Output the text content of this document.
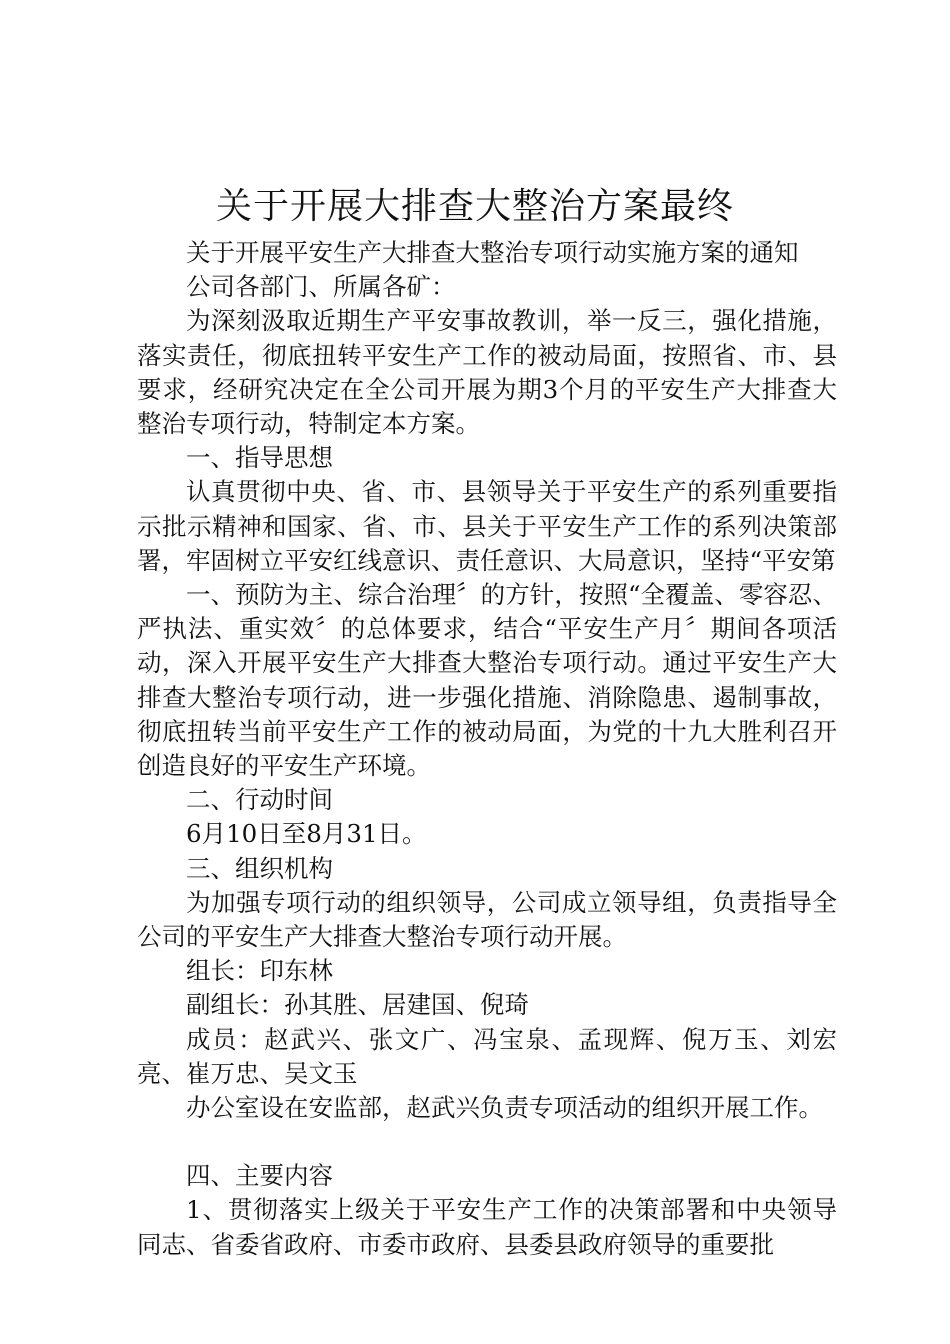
关于开展大排查大整治方案最终

关于开展平安生产大排查大整治专项行动实施方案的通知

公司各部门、所属各矿：

为深刻汲取近期生产平安事故教训，举一反三，强化措施，落实责任，彻底扭转平安生产工作的被动局面，按照省、市、县要求，经研究决定在全公司开展为期3个月的平安生产大排查大整治专项行动，特制定本方案。

一、指导思想

认真贯彻中央、省、市、县领导关于平安生产的系列重要指示批示精神和国家、省、市、县关于平安生产工作的系列决策部署，牢固树立平安红线意识、责任意识、大局意识，坚持“平安第

一、预防为主、综合治理〞的方针，按照“全覆盖、零容忍、严执法、重实效〞的总体要求，结合“平安生产月〞期间各项活动，深入开展平安生产大排查大整治专项行动。通过平安生产大排查大整治专项行动，进一步强化措施、消除隐患、遏制事故，彻底扭转当前平安生产工作的被动局面，为党的十九大胜利召开创造良好的平安生产环境。

二、行动时间

6月10日至8月31日。

三、组织机构

为加强专项行动的组织领导，公司成立领导组，负责指导全公司的平安生产大排查大整治专项行动开展。

组长：印东林

副组长：孙其胜、居建国、倪琦

成员：赵武兴、张文广、冯宝泉、孟现辉、倪万玉、刘宏亮、崔万忠、吴文玉

办公室设在安监部，赵武兴负责专项活动的组织开展工作。

四、主要内容

1、贯彻落实上级关于平安生产工作的决策部署和中央领导同志、省委省政府、市委市政府、县委县政府领导的重要批
